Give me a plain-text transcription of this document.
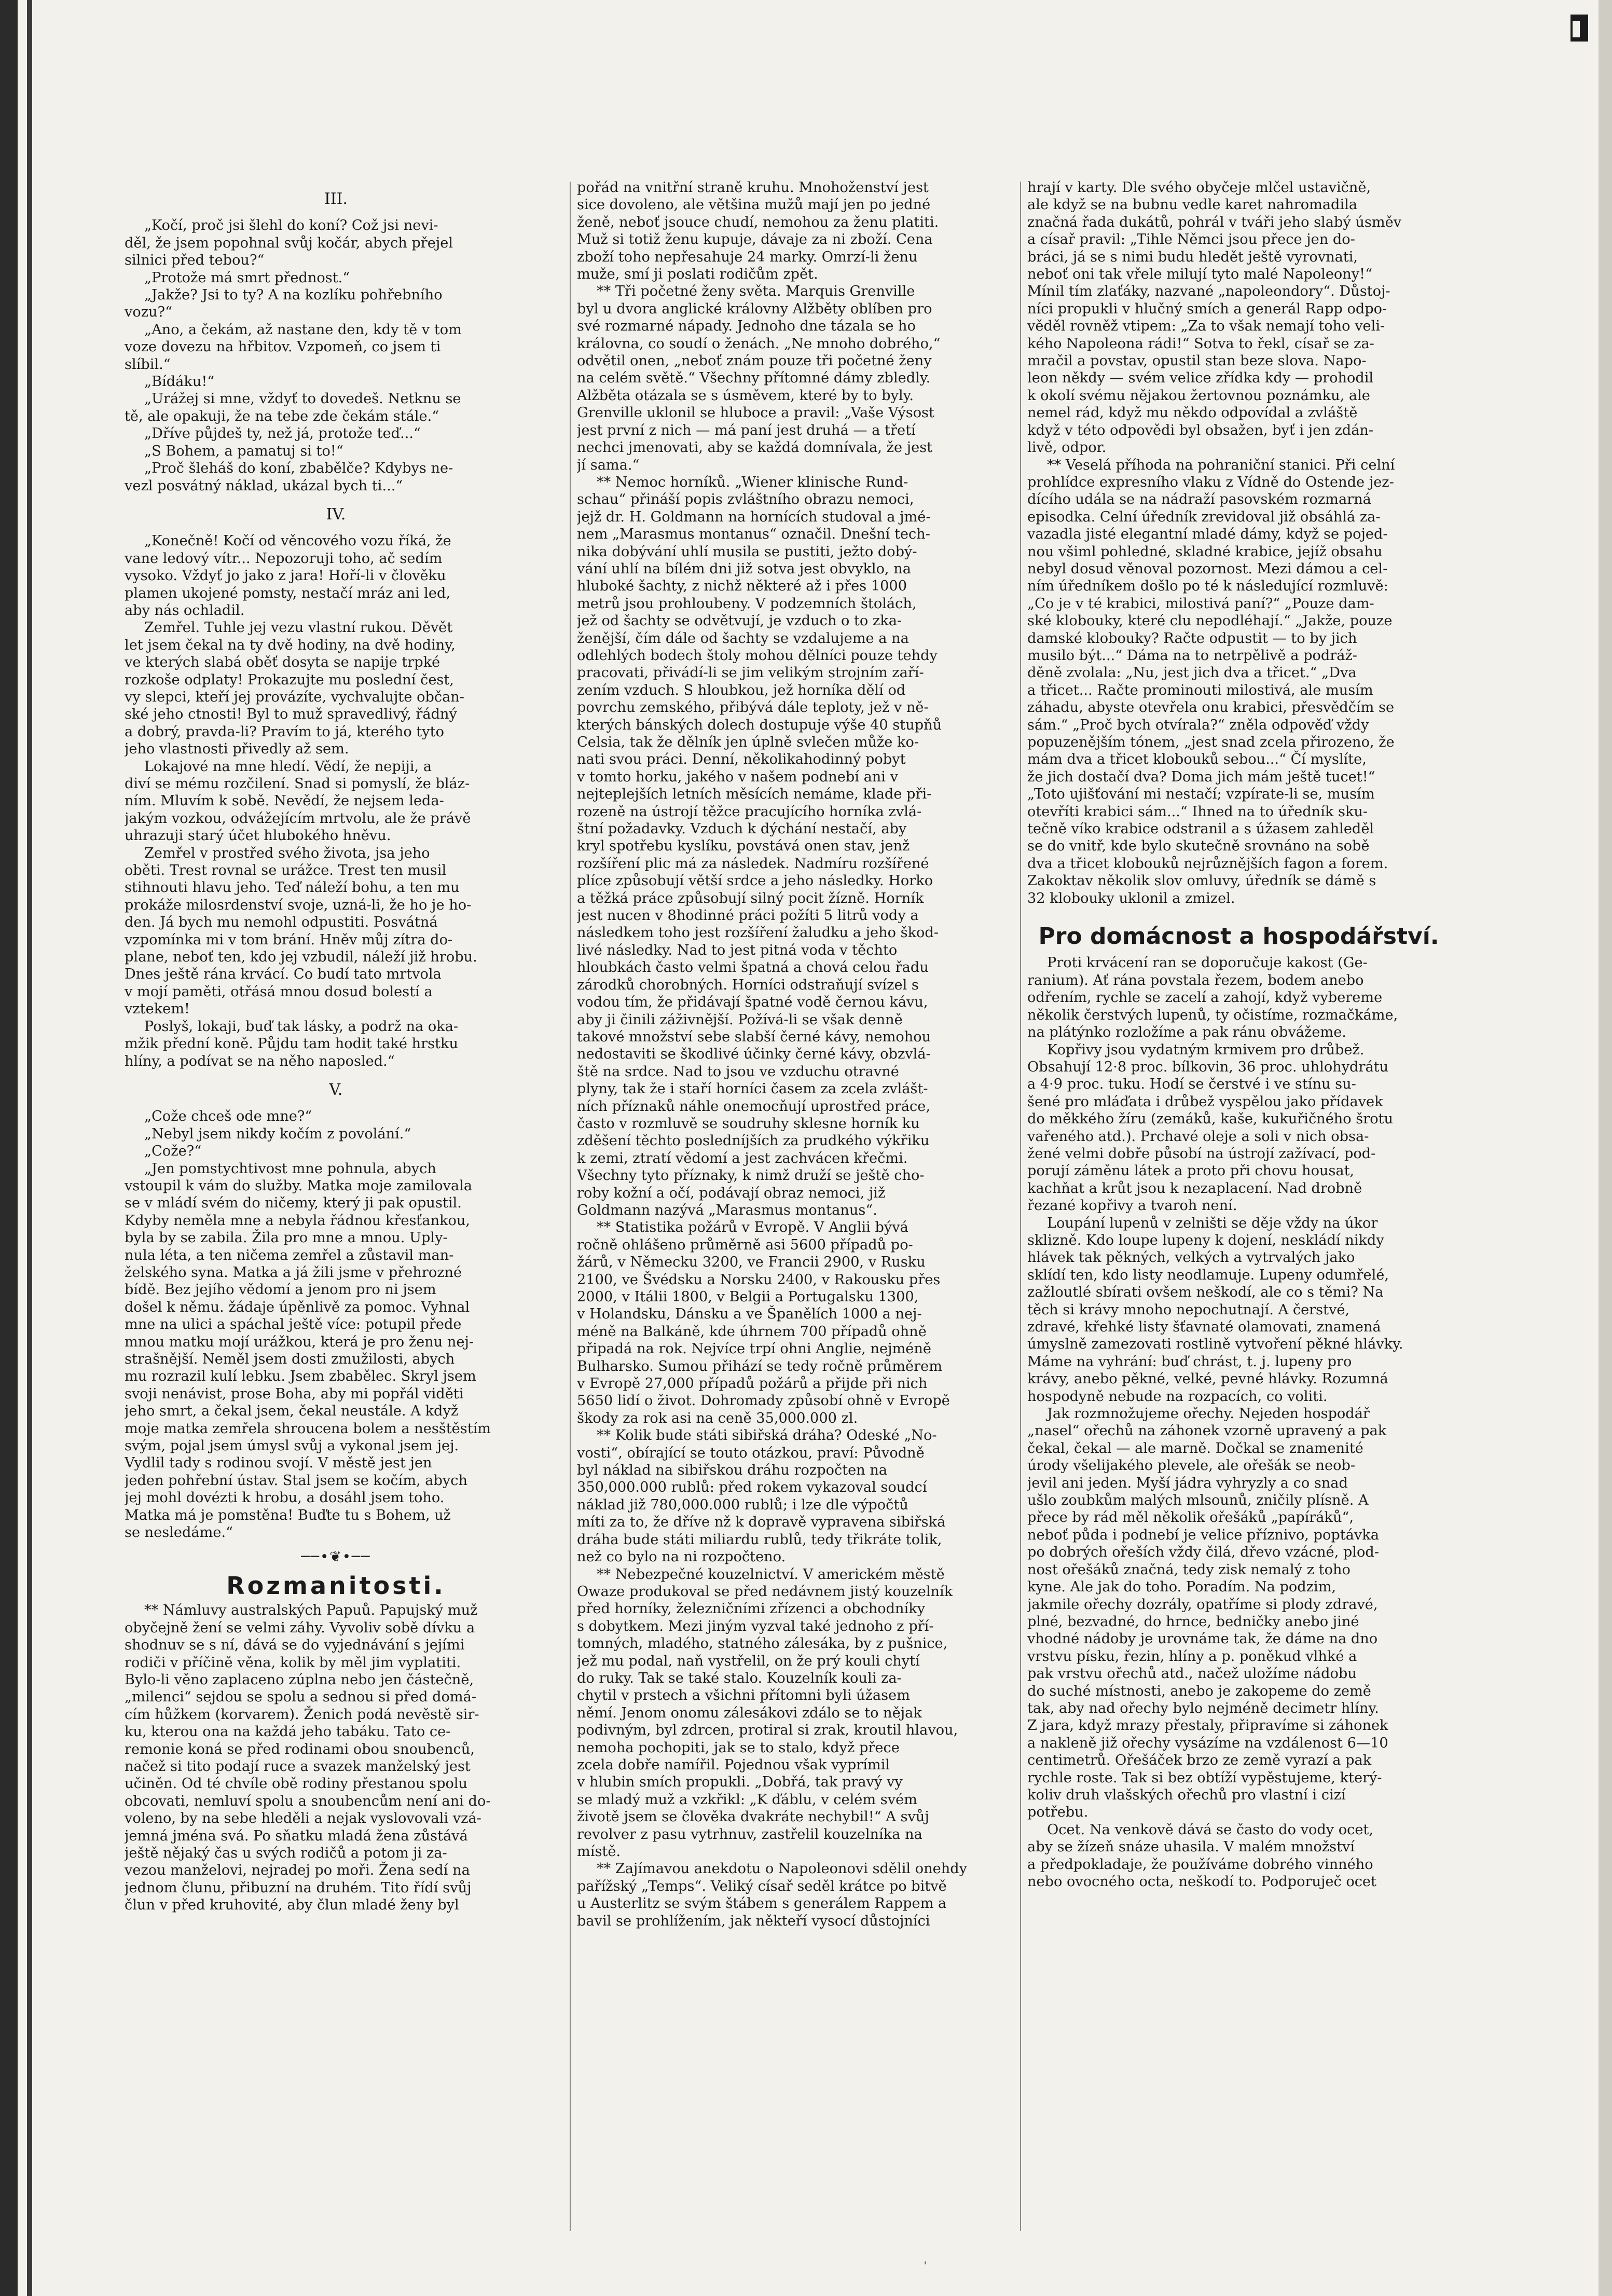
III.

„Kočí, proč jsi šlehl do koní? Což jsi nevi-
děl, že jsem popohnal svůj kočár, abych přejel
silnici před tebou?“

„Protože má smrt přednost.“

„Jakže? Jsi to ty? A na kozlíku pohřebního
vozu?“

„Ano, a čekám, až nastane den, kdy tě v tom
voze dovezu na hřbitov. Vzpomeň, co jsem ti
slíbil.“

„Bídáku!“

„Urážej si mne, vždyť to dovedeš. Netknu se
tě, ale opakuji, že na tebe zde čekám stále.“

„Dříve půjdeš ty, než já, protože teď...“

„S Bohem, a pamatuj si to!“

„Proč šleháš do koní, zbabělče? Kdybys ne-
vezl posvátný náklad, ukázal bych ti...“

IV.

„Konečně! Kočí od věncového vozu říká, že
vane ledový vítr... Nepozoruji toho, ač sedím
vysoko. Vždyť jo jako z jara! Hoří-li v člověku
plamen ukojené pomsty, nestačí mráz ani led,
aby nás ochladil.

Zemřel. Tuhle jej vezu vlastní rukou. Děvět
let jsem čekal na ty dvě hodiny, na dvě hodiny,
ve kterých slabá oběť dosyta se napije trpké
rozkoše odplaty! Prokazujte mu poslední čest,
vy slepci, kteří jej provázíte, vychvalujte občan-
ské jeho ctnosti! Byl to muž spravedlivý, řádný
a dobrý, pravda-li? Pravím to já, kterého tyto
jeho vlastnosti přivedly až sem.

Lokajové na mne hledí. Vědí, že nepiji, a
diví se mému rozčilení. Snad si pomyslí, že bláz-
ním. Mluvím k sobě. Nevědí, že nejsem leda-
jakým vozkou, odvážejícím mrtvolu, ale že právě
uhrazuji starý účet hlubokého hněvu.

Zemřel v prostřed svého života, jsa jeho
oběti. Trest rovnal se urážce. Trest ten musil
stihnouti hlavu jeho. Teď náleží bohu, a ten mu
prokáže milosrdenství svoje, uzná-li, že ho je ho-
den. Já bych mu nemohl odpustiti. Posvátná
vzpomínka mi v tom brání. Hněv můj zítra do-
plane, neboť ten, kdo jej vzbudil, náleží již hrobu.
Dnes ještě rána krvácí. Co budí tato mrtvola
v mojí paměti, otřásá mnou dosud bolestí a
vztekem!

Poslyš, lokaji, buď tak lásky, a podrž na oka-
mžik přední koně. Půjdu tam hodit také hrstku
hlíny, a podívat se na něho naposled.“

V.

„Cože chceš ode mne?“

„Nebyl jsem nikdy kočím z povolání.“

„Cože?“

„Jen pomstychtivost mne pohnula, abych
vstoupil k vám do služby. Matka moje zamilovala
se v mládí svém do ničemy, který ji pak opustil.
Kdyby neměla mne a nebyla řádnou křesťankou,
byla by se zabila. Žila pro mne a mnou. Uply-
nula léta, a ten ničema zemřel a zůstavil man-
želského syna. Matka a já žili jsme v přehrozné
bídě. Bez jejího vědomí a jenom pro ni jsem
došel k němu. žádaje úpěnlivě za pomoc. Vyhnal
mne na ulici a spáchal ještě více: potupil přede
mnou matku mojí urážkou, která je pro ženu nej-
strašnější. Neměl jsem dosti zmužilosti, abych
mu rozrazil kulí lebku. Jsem zbabělec. Skryl jsem
svoji nenávist, prose Boha, aby mi popřál viděti
jeho smrt, a čekal jsem, čekal neustále. A když
moje matka zemřela shroucena bolem a nesštěstím
svým, pojal jsem úmysl svůj a vykonal jsem jej.
Vydlil tady s rodinou svojí. V městě jest jen
jeden pohřební ústav. Stal jsem se kočím, abych
jej mohl dovézti k hrobu, a dosáhl jsem toho.
Matka má je pomstěna! Buďte tu s Bohem, už
se nesledáme.“

──•❦•──

Rozmanitosti.

** Námluvy australských Papuů. Papujský muž
obyčejně žení se velmi záhy. Vyvoliv sobě dívku a
shodnuv se s ní, dává se do vyjednávání s jejími
rodiči v příčině věna, kolik by měl jim vyplatiti.
Bylo-li věno zaplaceno zúplna nebo jen částečně,
„milenci“ sejdou se spolu a sednou si před domá-
cím hůžkem (korvarem). Ženich podá nevěstě sir-
ku, kterou ona na každá jeho tabáku. Tato ce-
remonie koná se před rodinami obou snoubenců,
načež si tito podají ruce a svazek manželský jest
učiněn. Od té chvíle obě rodiny přestanou spolu
obcovati, nemluví spolu a snoubencům není ani do-
voleno, by na sebe hleděli a nejak vyslovovali vzá-
jemná jména svá. Po sňatku mladá žena zůstává
ještě nějaký čas u svých rodičů a potom ji za-
vezou manželovi, nejradej po moři. Žena sedí na
jednom člunu, přibuzní na druhém. Tito řídí svůj
člun v před kruhovité, aby člun mladé ženy byl

pořád na vnitřní straně kruhu. Mnohoženství jest
sice dovoleno, ale většina mužů mají jen po jedné
ženě, neboť jsouce chudí, nemohou za ženu platiti.
Muž si totiž ženu kupuje, dávaje za ni zboží. Cena
zboží toho nepřesahuje 24 marky. Omrzí-li ženu
muže, smí ji poslati rodičům zpět.

** Tři početné ženy světa. Marquis Grenville
byl u dvora anglické královny Alžběty oblíben pro
své rozmarné nápady. Jednoho dne tázala se ho
královna, co soudí o ženách. „Ne mnoho dobrého,“
odvětil onen, „neboť znám pouze tři početné ženy
na celém světě.“ Všechny přítomné dámy zbledly.
Alžběta otázala se s úsměvem, které by to byly.
Grenville uklonil se hluboce a pravil: „Vaše Výsost
jest první z nich — má paní jest druhá — a třetí
nechci jmenovati, aby se každá domnívala, že jest
jí sama.“

** Nemoc horníků. „Wiener klinische Rund-
schau“ přináší popis zvláštního obrazu nemoci,
jejž dr. H. Goldmann na hornících studoval a jmé-
nem „Marasmus montanus“ označil. Dnešní tech-
nika dobývání uhlí musila se pustiti, ježto dobý-
vání uhlí na bílém dni již sotva jest obvyklo, na
hluboké šachty, z nichž některé až i přes 1000
metrů jsou prohloubeny. V podzemních štolách,
jež od šachty se odvětvují, je vzduch o to zka-
ženější, čím dále od šachty se vzdalujeme a na
odlehlých bodech štoly mohou dělníci pouze tehdy
pracovati, přivádí-li se jim velikým strojním zaří-
zením vzduch. S hloubkou, jež horníka dělí od
povrchu zemského, přibývá dále teploty, jež v ně-
kterých bánských dolech dostupuje výše 40 stupňů
Celsia, tak že dělník jen úplně svlečen může ko-
nati svou práci. Denní, několikahodinný pobyt
v tomto horku, jakého v našem podnebí ani v
nejteplejších letních měsících nemáme, klade při-
rozeně na ústrojí těžce pracujícího horníka zvlá-
štní požadavky. Vzduch k dýchání nestačí, aby
kryl spotřebu kyslíku, povstává onen stav, jenž
rozšíření plic má za následek. Nadmíru rozšířené
plíce způsobují větší srdce a jeho následky. Horko
a těžká práce způsobují silný pocit žízně. Horník
jest nucen v 8hodinné práci požíti 5 litrů vody a
následkem toho jest rozšíření žaludku a jeho škod-
livé následky. Nad to jest pitná voda v těchto
hloubkách často velmi špatná a chová celou řadu
zárodků chorobných. Horníci odstraňují svízel s
vodou tím, že přidávají špatné vodě černou kávu,
aby ji činili záživnější. Požívá-li se však denně
takové množství sebe slabší černé kávy, nemohou
nedostaviti se škodlivé účinky černé kávy, obzvlá-
ště na srdce. Nad to jsou ve vzduchu otravné
plyny, tak že i staří horníci časem za zcela zvlášt-
ních příznaků náhle onemocňují uprostřed práce,
často v rozmluvě se soudruhy sklesne horník ku
zděšení těchto posledníjších za prudkého výkřiku
k zemi, ztratí vědomí a jest zachvácen křečmi.
Všechny tyto příznaky, k nimž druží se ještě cho-
roby kožní a očí, podávají obraz nemoci, již
Goldmann nazývá „Marasmus montanus“.

** Statistika požárů v Evropě. V Anglii bývá
ročně ohlášeno průměrně asi 5600 případů po-
žárů, v Německu 3200, ve Francii 2900, v Rusku
2100, ve Švédsku a Norsku 2400, v Rakousku přes
2000, v Itálii 1800, v Belgii a Portugalsku 1300,
v Holandsku, Dánsku a ve Španělích 1000 a nej-
méně na Balkáně, kde úhrnem 700 případů ohně
připadá na rok. Nejvíce trpí ohni Anglie, nejméně
Bulharsko. Sumou přihází se tedy ročně průměrem
v Evropě 27,000 případů požárů a přijde při nich
5650 lidí o život. Dohromady způsobí ohně v Evropě
škody za rok asi na ceně 35,000.000 zl.

** Kolik bude státi sibiřská dráha? Odeské „No-
vosti“, obírající se touto otázkou, praví: Původně
byl náklad na sibiřskou dráhu rozpočten na
350,000.000 rublů: před rokem vykazoval soudcí
náklad již 780,000.000 rublů; i lze dle výpočtů
míti za to, že dříve nž k dopravě vypravena sibiřská
dráha bude státi miliardu rublů, tedy třikráte tolik,
než co bylo na ni rozpočteno.

** Nebezpečné kouzelnictví. V americkém městě
Owaze produkoval se před nedávnem jistý kouzelník
před horníky, železničními zřízenci a obchodníky
s dobytkem. Mezi jiným vyzval také jednoho z pří-
tomných, mladého, statného zálesáka, by z pušnice,
jež mu podal, naň vystřelil, on že prý kouli chytí
do ruky. Tak se také stalo. Kouzelník kouli za-
chytil v prstech a všichni přítomni byli úžasem
němí. Jenom onomu zálesákovi zdálo se to nějak
podivným, byl zdrcen, protiral si zrak, kroutil hlavou,
nemoha pochopiti, jak se to stalo, když přece
zcela dobře namířil. Pojednou však vyprímil
v hlubin smích propukli. „Dobřá, tak pravý vy
se mladý muž a vzkřikl: „K ďáblu, v celém svém
životě jsem se člověka dvakráte nechybil!“ A svůj
revolver z pasu vytrhnuv, zastřelil kouzelníka na
místě.

** Zajímavou anekdotu o Napoleonovi sdělil onehdy
pařížský „Temps“. Veliký císař seděl krátce po bitvě
u Austerlitz se svým štábem s generálem Rappem a
bavil se prohlížením, jak někteří vysocí důstojníci

hrají v karty. Dle svého obyčeje mlčel ustavičně,
ale když se na bubnu vedle karet nahromadila
značná řada dukátů, pohrál v tváři jeho slabý úsměv
a císař pravil: „Tihle Němci jsou přece jen do-
bráci, já se s nimi budu hledět ještě vyrovnati,
neboť oni tak vřele milují tyto malé Napoleony!“
Mínil tím zlaťáky, nazvané „napoleondory“. Důstoj-
níci propukli v hlučný smích a generál Rapp odpo-
věděl rovněž vtipem: „Za to však nemají toho veli-
kého Napoleona rádi!“ Sotva to řekl, císař se za-
mračil a povstav, opustil stan beze slova. Napo-
leon někdy — svém velice zřídka kdy — prohodil
k okolí svému nějakou žertovnou poznámku, ale
nemel rád, když mu někdo odpovídal a zvláště
když v této odpovědi byl obsažen, byť i jen zdán-
livě, odpor.

** Veselá příhoda na pohraniční stanici. Při celní
prohlídce expresního vlaku z Vídně do Ostende jez-
dícího udála se na nádraží pasovském rozmarná
episodka. Celní úředník zrevidoval již obsáhlá za-
vazadla jisté elegantní mladé dámy, když se pojed-
nou všiml pohledné, skladné krabice, jejíž obsahu
nebyl dosud věnoval pozornost. Mezi dámou a cel-
ním úředníkem došlo po té k následující rozmluvě:
„Co je v té krabici, milostivá paní?“ „Pouze dam-
ské klobouky, které clu nepodléhají.“ „Jakže, pouze
damské klobouky? Račte odpustit — to by jich
musilo být...“ Dáma na to netrpělivě a podráž-
děně zvolala: „Nu, jest jich dva a třicet.“ „Dva
a třicet... Račte prominouti milostivá, ale musím
záhadu, abyste otevřela onu krabici, přesvědčím se
sám.“ „Proč bych otvírala?“ zněla odpověď vždy
popuzenějším tónem, „jest snad zcela přirozeno, že
mám dva a třicet klobouků sebou...“ Čí myslíte,
že jich dostačí dva? Doma jich mám ještě tucet!“
„Toto ujišťování mi nestačí; vzpírate-li se, musím
otevříti krabici sám...“ Ihned na to úředník sku-
tečně víko krabice odstranil a s úžasem zahleděl
se do vnitř, kde bylo skutečně srovnáno na sobě
dva a třicet klobouků nejrůznějších fagon a forem.
Zakoktav několik slov omluvy, úředník se dámě s
32 klobouky uklonil a zmizel.

Pro domácnost a hospodářství.

Proti krvácení ran se doporučuje kakost (Ge-
ranium). Ať rána povstala řezem, bodem anebo
odřením, rychle se zacelí a zahojí, když vybereme
několik čerstvých lupenů, ty očistíme, rozmačkáme,
na plátýnko rozložíme a pak ránu obvážeme.

Kopřivy jsou vydatným krmivem pro drůbež.
Obsahují 12·8 proc. bílkovin, 36 proc. uhlohydrátu
a 4·9 proc. tuku. Hodí se čerstvé i ve stínu su-
šené pro mláďata i drůbež vyspělou jako přídavek
do měkkého žíru (zemáků, kaše, kukuřičného šrotu
vařeného atd.). Prchavé oleje a soli v nich obsa-
žené velmi dobře působí na ústrojí zažívací, pod-
porují záměnu látek a proto při chovu housat,
kachňat a krůt jsou k nezaplacení. Nad drobně
řezané kopřivy a tvaroh není.

Loupání lupenů v zelništi se děje vždy na úkor
sklizně. Kdo loupe lupeny k dojení, neskládí nikdy
hlávek tak pěkných, velkých a vytrvalých jako
sklídí ten, kdo listy neodlamuje. Lupeny odumřelé,
zažloutlé sbírati ovšem neškodí, ale co s těmi? Na
těch si krávy mnoho nepochutnají. A čerstvé,
zdravé, křehké listy šťavnaté olamovati, znamená
úmyslně zamezovati rostlině vytvoření pěkné hlávky.
Máme na vyhrání: buď chrást, t. j. lupeny pro
krávy, anebo pěkné, velké, pevné hlávky. Rozumná
hospodyně nebude na rozpacích, co voliti.

Jak rozmnožujeme ořechy. Nejeden hospodář
„nasel“ ořechů na záhonek vzorně upravený a pak
čekal, čekal — ale marně. Dočkal se znamenité
úrody všelijakého plevele, ale ořešák se neob-
jevil ani jeden. Myší jádra vyhryzly a co snad
ušlo zoubkům malých mlsounů, zničily plísně. A
přece by rád měl několik ořešáků „papíráků“,
neboť půda i podnebí je velice příznivo, poptávka
po dobrých ořeších vždy čilá, dřevo vzácné, plod-
nost ořešáků značná, tedy zisk nemalý z toho
kyne. Ale jak do toho. Poradím. Na podzim,
jakmile ořechy dozrály, opatříme si plody zdravé,
plné, bezvadné, do hrnce, bedničky anebo jiné
vhodné nádoby je urovnáme tak, že dáme na dno
vrstvu písku, řezin, hlíny a p. poněkud vlhké a
pak vrstvu ořechů atd., načež uložíme nádobu
do suché místnosti, anebo je zakopeme do země
tak, aby nad ořechy bylo nejméně decimetr hlíny.
Z jara, když mrazy přestaly, připravíme si záhonek
a nakleně již ořechy vysázíme na vzdálenost 6—10
centimetrů. Ořešáček brzo ze země vyrazí a pak
rychle roste. Tak si bez obtíží vypěstujeme, který-
koliv druh vlašských ořechů pro vlastní i cizí
potřebu.

Ocet. Na venkově dává se často do vody ocet,
aby se žízeň snáze uhasila. V malém množství
a předpokladaje, že používáme dobrého vinného
nebo ovocného octa, neškodí to. Podporuječ ocet

ˈ
